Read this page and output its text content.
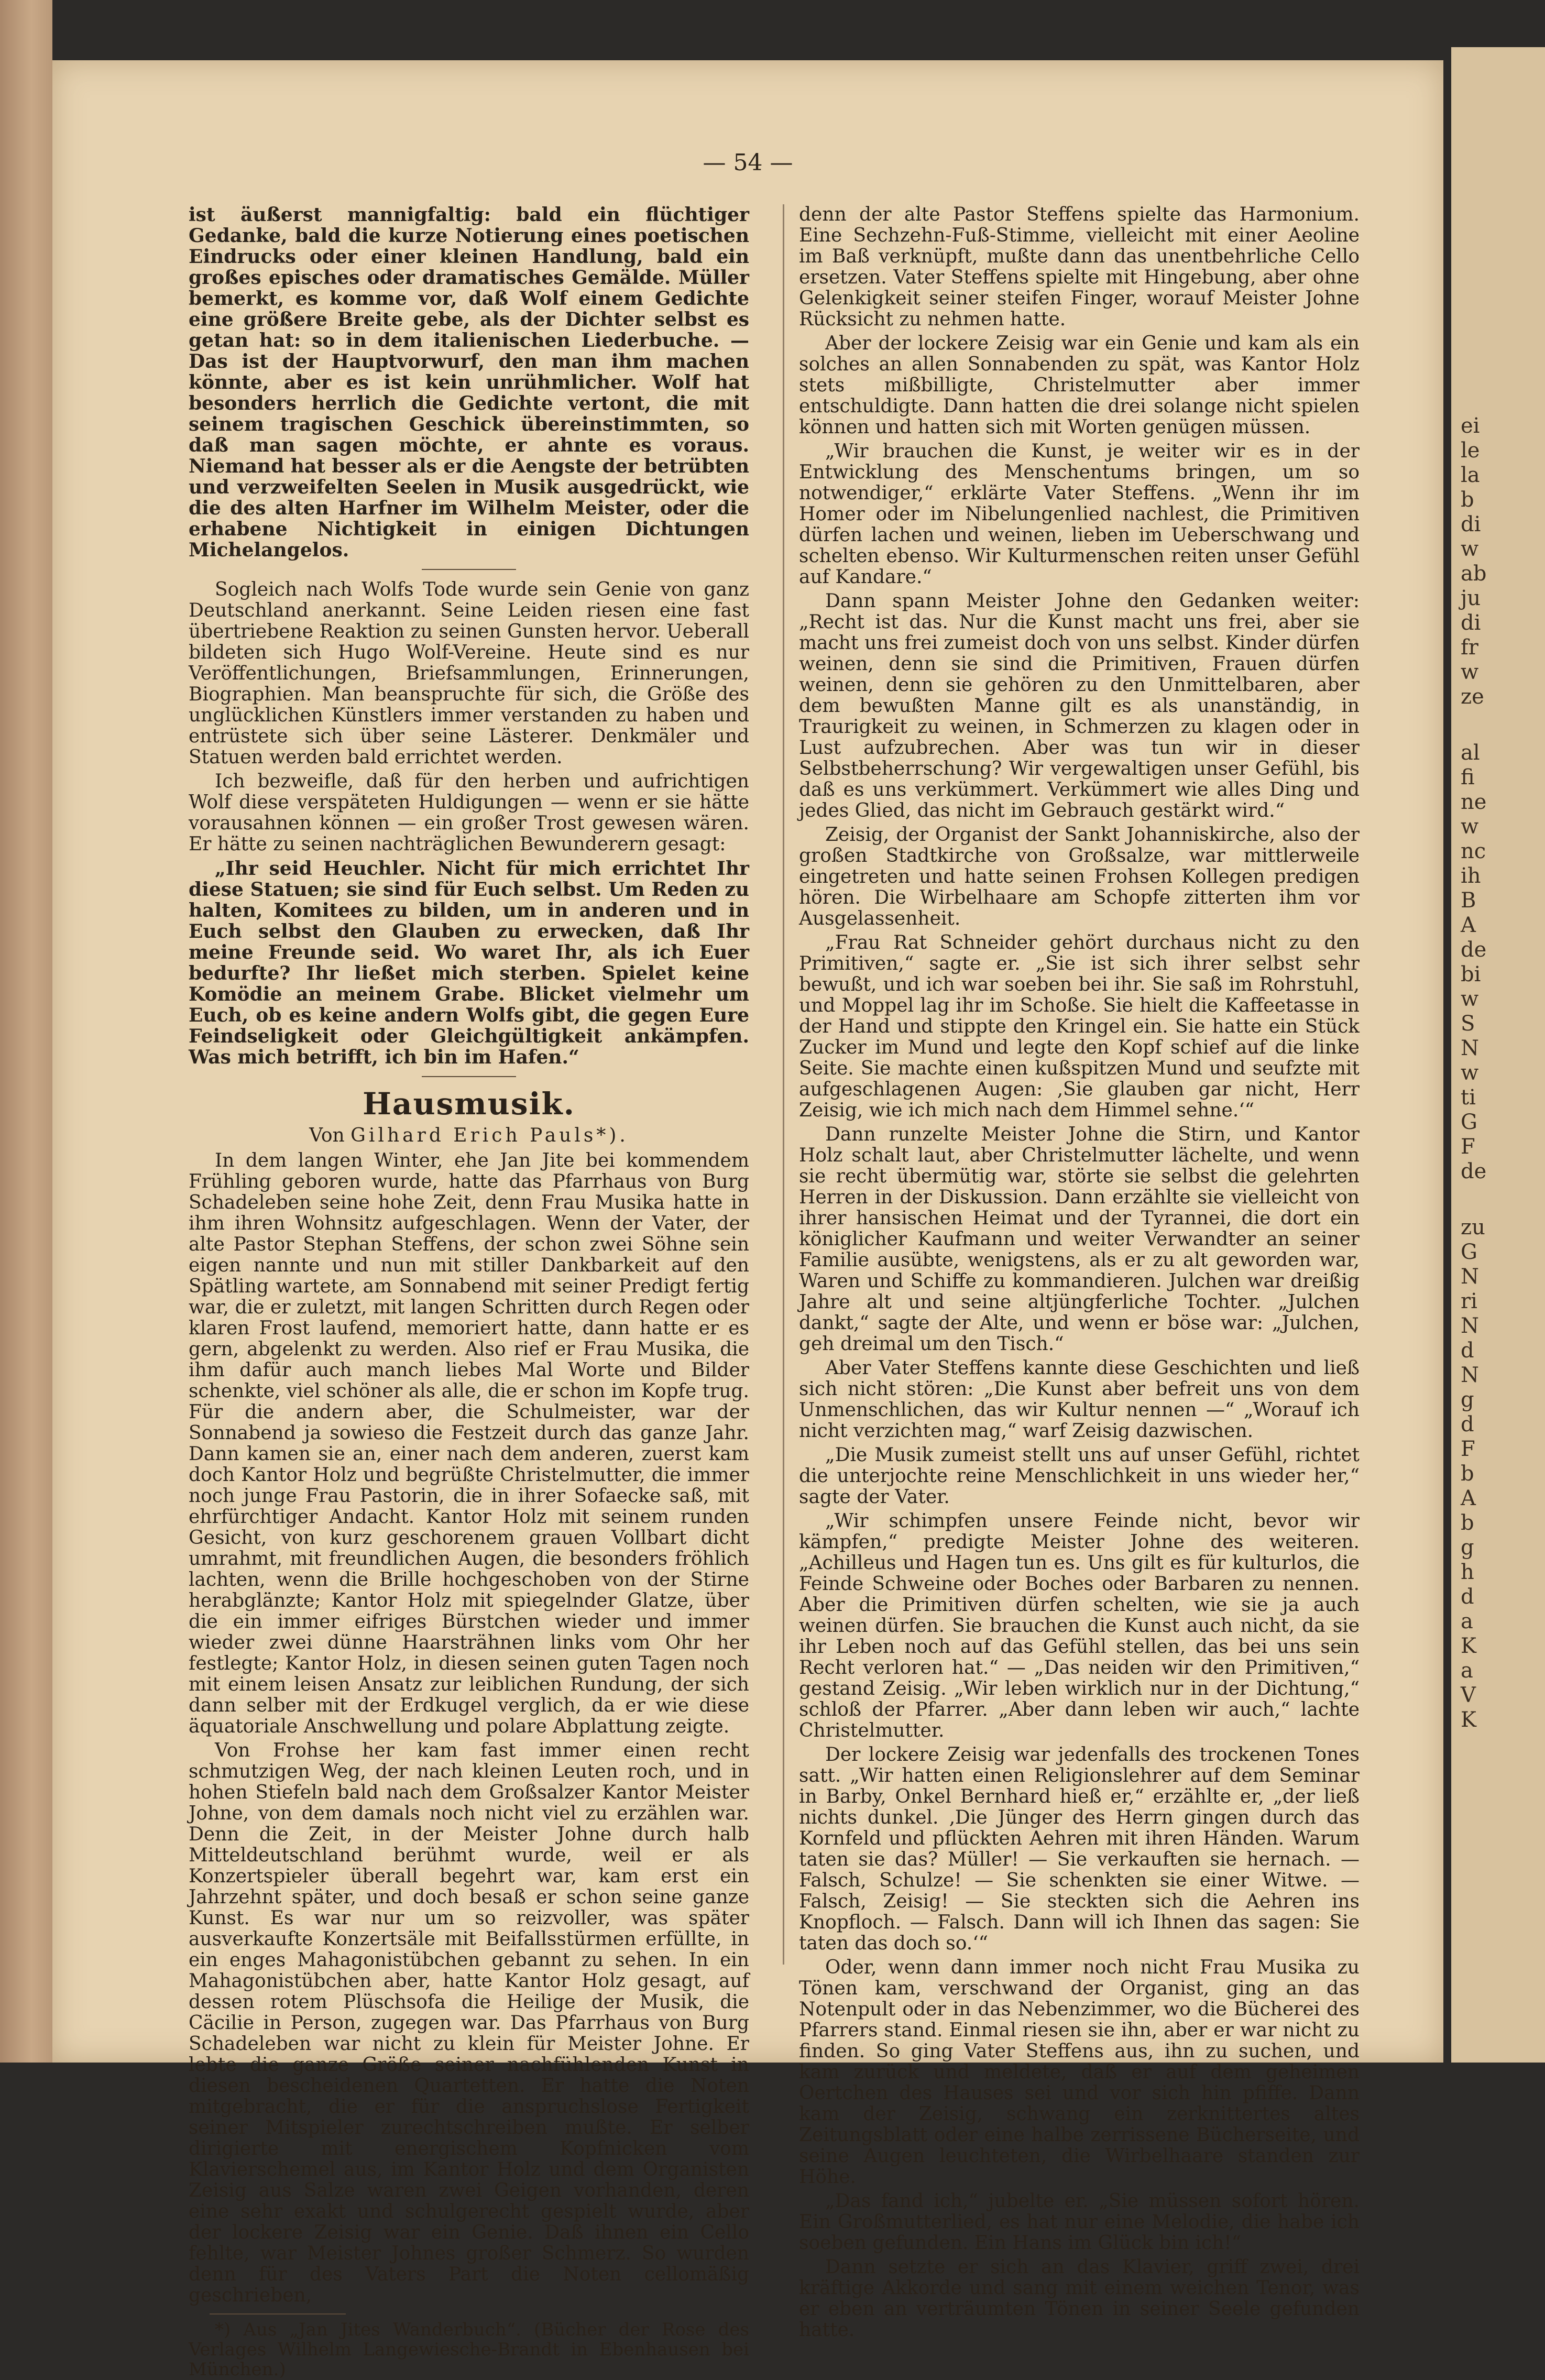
— 54 —

ist äußerst mannigfaltig: bald ein flüchtiger Gedanke, bald die kurze Notierung eines poetischen Eindrucks oder einer kleinen Handlung, bald ein großes episches oder dramatisches Gemälde. Müller bemerkt, es komme vor, daß Wolf einem Gedichte eine größere Breite gebe, als der Dichter selbst es getan hat: so in dem italienischen Liederbuche. — Das ist der Hauptvorwurf, den man ihm machen könnte, aber es ist kein unrühmlicher. Wolf hat besonders herrlich die Gedichte vertont, die mit seinem tragischen Geschick übereinstimmten, so daß man sagen möchte, er ahnte es voraus. Niemand hat besser als er die Aengste der betrübten und verzweifelten Seelen in Musik ausgedrückt, wie die des alten Harfner im Wilhelm Meister, oder die erhabene Nichtigkeit in einigen Dichtungen Michelangelos.

Sogleich nach Wolfs Tode wurde sein Genie von ganz Deutschland anerkannt. Seine Leiden riesen eine fast übertriebene Reaktion zu seinen Gunsten hervor. Ueberall bildeten sich Hugo Wolf-Vereine. Heute sind es nur Veröffentlichungen, Briefsammlungen, Erinnerungen, Biographien. Man beanspruchte für sich, die Größe des unglücklichen Künstlers immer verstanden zu haben und entrüstete sich über seine Lästerer. Denkmäler und Statuen werden bald errichtet werden.

Ich bezweifle, daß für den herben und aufrichtigen Wolf diese verspäteten Huldigungen — wenn er sie hätte vorausahnen können — ein großer Trost gewesen wären. Er hätte zu seinen nachträglichen Bewunderern gesagt:

„Ihr seid Heuchler. Nicht für mich errichtet Ihr diese Statuen; sie sind für Euch selbst. Um Reden zu halten, Komitees zu bilden, um in anderen und in Euch selbst den Glauben zu erwecken, daß Ihr meine Freunde seid. Wo waret Ihr, als ich Euer bedurfte? Ihr ließet mich sterben. Spielet keine Komödie an meinem Grabe. Blicket vielmehr um Euch, ob es keine andern Wolfs gibt, die gegen Eure Feindseligkeit oder Gleichgültigkeit ankämpfen. Was mich betrifft, ich bin im Hafen.“

Hausmusik.
Von Gilhard Erich Pauls*).

In dem langen Winter, ehe Jan Jite bei kommendem Frühling geboren wurde, hatte das Pfarrhaus von Burg Schadeleben seine hohe Zeit, denn Frau Musika hatte in ihm ihren Wohnsitz aufgeschlagen. Wenn der Vater, der alte Pastor Stephan Steffens, der schon zwei Söhne sein eigen nannte und nun mit stiller Dankbarkeit auf den Spätling wartete, am Sonnabend mit seiner Predigt fertig war, die er zuletzt, mit langen Schritten durch Regen oder klaren Frost laufend, memoriert hatte, dann hatte er es gern, abgelenkt zu werden. Also rief er Frau Musika, die ihm dafür auch manch liebes Mal Worte und Bilder schenkte, viel schöner als alle, die er schon im Kopfe trug. Für die andern aber, die Schulmeister, war der Sonnabend ja sowieso die Festzeit durch das ganze Jahr. Dann kamen sie an, einer nach dem anderen, zuerst kam doch Kantor Holz und begrüßte Christelmutter, die immer noch junge Frau Pastorin, die in ihrer Sofaecke saß, mit ehrfürchtiger Andacht. Kantor Holz mit seinem runden Gesicht, von kurz geschorenem grauen Vollbart dicht umrahmt, mit freundlichen Augen, die besonders fröhlich lachten, wenn die Brille hochgeschoben von der Stirne herabglänzte; Kantor Holz mit spiegelnder Glatze, über die ein immer eifriges Bürstchen wieder und immer wieder zwei dünne Haarsträhnen links vom Ohr her festlegte; Kantor Holz, in diesen seinen guten Tagen noch mit einem leisen Ansatz zur leiblichen Rundung, der sich dann selber mit der Erdkugel verglich, da er wie diese äquatoriale Anschwellung und polare Abplattung zeigte.

Von Frohse her kam fast immer einen recht schmutzigen Weg, der nach kleinen Leuten roch, und in hohen Stiefeln bald nach dem Großsalzer Kantor Meister Johne, von dem damals noch nicht viel zu erzählen war. Denn die Zeit, in der Meister Johne durch halb Mitteldeutschland berühmt wurde, weil er als Konzertspieler überall begehrt war, kam erst ein Jahrzehnt später, und doch besaß er schon seine ganze Kunst. Es war nur um so reizvoller, was später ausverkaufte Konzertsäle mit Beifallsstürmen erfüllte, in ein enges Mahagonistübchen gebannt zu sehen. In ein Mahagonistübchen aber, hatte Kantor Holz gesagt, auf dessen rotem Plüschsofa die Heilige der Musik, die Cäcilie in Person, zugegen war. Das Pfarrhaus von Burg Schadeleben war nicht zu klein für Meister Johne. Er lebte die ganze Größe seiner nachfühlenden Kunst in diesen bescheidenen Quartetten. Er hatte die Noten mitgebracht, die er für die anspruchslose Fertigkeit seiner Mitspieler zurechtschreiben mußte. Er selber dirigierte mit energischem Kopfnicken vom Klavierschemel aus, im Kantor Holz und dem Organisten Zeisig aus Salze waren zwei Geigen vorhanden, deren eine sehr exakt und schulgerecht gespielt wurde, aber der lockere Zeisig war ein Genie. Daß ihnen ein Cello fehlte, war Meister Johnes großer Schmerz. So wurden denn für des Vaters Part die Noten cellomäßig geschrieben,

*) Aus „Jan Jites Wanderbuch“. (Bücher der Rose des Verlages Wilhelm Langewiesche-Brandt in Ebenhausen bei München.)

denn der alte Pastor Steffens spielte das Harmonium. Eine Sechzehn-Fuß-Stimme, vielleicht mit einer Aeoline im Baß verknüpft, mußte dann das unentbehrliche Cello ersetzen. Vater Steffens spielte mit Hingebung, aber ohne Gelenkigkeit seiner steifen Finger, worauf Meister Johne Rücksicht zu nehmen hatte.

Aber der lockere Zeisig war ein Genie und kam als ein solches an allen Sonnabenden zu spät, was Kantor Holz stets mißbilligte, Christelmutter aber immer entschuldigte. Dann hatten die drei solange nicht spielen können und hatten sich mit Worten genügen müssen.

„Wir brauchen die Kunst, je weiter wir es in der Entwicklung des Menschentums bringen, um so notwendiger,“ erklärte Vater Steffens. „Wenn ihr im Homer oder im Nibelungenlied nachlest, die Primitiven dürfen lachen und weinen, lieben im Ueberschwang und schelten ebenso. Wir Kulturmenschen reiten unser Gefühl auf Kandare.“

Dann spann Meister Johne den Gedanken weiter: „Recht ist das. Nur die Kunst macht uns frei, aber sie macht uns frei zumeist doch von uns selbst. Kinder dürfen weinen, denn sie sind die Primitiven, Frauen dürfen weinen, denn sie gehören zu den Unmittelbaren, aber dem bewußten Manne gilt es als unanständig, in Traurigkeit zu weinen, in Schmerzen zu klagen oder in Lust aufzubrechen. Aber was tun wir in dieser Selbstbeherrschung? Wir vergewaltigen unser Gefühl, bis daß es uns verkümmert. Verkümmert wie alles Ding und jedes Glied, das nicht im Gebrauch gestärkt wird.“

Zeisig, der Organist der Sankt Johanniskirche, also der großen Stadtkirche von Großsalze, war mittlerweile eingetreten und hatte seinen Frohsen Kollegen predigen hören. Die Wirbelhaare am Schopfe zitterten ihm vor Ausgelassenheit.

„Frau Rat Schneider gehört durchaus nicht zu den Primitiven,“ sagte er. „Sie ist sich ihrer selbst sehr bewußt, und ich war soeben bei ihr. Sie saß im Rohrstuhl, und Moppel lag ihr im Schoße. Sie hielt die Kaffeetasse in der Hand und stippte den Kringel ein. Sie hatte ein Stück Zucker im Mund und legte den Kopf schief auf die linke Seite. Sie machte einen kußspitzen Mund und seufzte mit aufgeschlagenen Augen: ‚Sie glauben gar nicht, Herr Zeisig, wie ich mich nach dem Himmel sehne.‘“

Dann runzelte Meister Johne die Stirn, und Kantor Holz schalt laut, aber Christelmutter lächelte, und wenn sie recht übermütig war, störte sie selbst die gelehrten Herren in der Diskussion. Dann erzählte sie vielleicht von ihrer hansischen Heimat und der Tyrannei, die dort ein königlicher Kaufmann und weiter Verwandter an seiner Familie ausübte, wenigstens, als er zu alt geworden war, Waren und Schiffe zu kommandieren. Julchen war dreißig Jahre alt und seine altjüngferliche Tochter. „Julchen dankt,“ sagte der Alte, und wenn er böse war: „Julchen, geh dreimal um den Tisch.“

Aber Vater Steffens kannte diese Geschichten und ließ sich nicht stören: „Die Kunst aber befreit uns von dem Unmenschlichen, das wir Kultur nennen —“ „Worauf ich nicht verzichten mag,“ warf Zeisig dazwischen.

„Die Musik zumeist stellt uns auf unser Gefühl, richtet die unterjochte reine Menschlichkeit in uns wieder her,“ sagte der Vater.

„Wir schimpfen unsere Feinde nicht, bevor wir kämpfen,“ predigte Meister Johne des weiteren. „Achilleus und Hagen tun es. Uns gilt es für kulturlos, die Feinde Schweine oder Boches oder Barbaren zu nennen. Aber die Primitiven dürfen schelten, wie sie ja auch weinen dürfen. Sie brauchen die Kunst auch nicht, da sie ihr Leben noch auf das Gefühl stellen, das bei uns sein Recht verloren hat.“ — „Das neiden wir den Primitiven,“ gestand Zeisig. „Wir leben wirklich nur in der Dichtung,“ schloß der Pfarrer. „Aber dann leben wir auch,“ lachte Christelmutter.

Der lockere Zeisig war jedenfalls des trockenen Tones satt. „Wir hatten einen Religionslehrer auf dem Seminar in Barby, Onkel Bernhard hieß er,“ erzählte er, „der ließ nichts dunkel. ‚Die Jünger des Herrn gingen durch das Kornfeld und pflückten Aehren mit ihren Händen. Warum taten sie das? Müller! — Sie verkauften sie hernach. — Falsch, Schulze! — Sie schenkten sie einer Witwe. — Falsch, Zeisig! — Sie steckten sich die Aehren ins Knopfloch. — Falsch. Dann will ich Ihnen das sagen: Sie taten das doch so.‘“

Oder, wenn dann immer noch nicht Frau Musika zu Tönen kam, verschwand der Organist, ging an das Notenpult oder in das Nebenzimmer, wo die Büchereі des Pfarrers stand. Einmal riesen sie ihn, aber er war nicht zu finden. So ging Vater Steffens aus, ihn zu suchen, und kam zurück und meldete, daß er auf dem geheimen Oertchen des Hauses sei und vor sich hin pfiffe. Dann kam der Zeisig, schwang ein zerknittertes altes Zeitungsblatt oder eine halbe zerrissene Bücherseite, und seine Augen leuchteten, die Wirbelhaare standen zur Höhe.

„Das fand ich,“ jubelte er. „Sie müssen sofort hören. Ein Großmutterlied, es hat nur eine Melodie, die habe ich soeben gefunden. Ein Hans im Glück bin ich!“

Dann setzte er sich an das Klavier, griff zwei, drei kräftige Akkorde und sang mit einem weichen Tenor, was er eben an verträumten Tönen in seiner Seele gefunden hatte.

ei
le
la
b
di
w
ab
ju
di
fr
w
ze
al
fi
ne
w
nc
ih
B
A
de
bi
w
S
N
w
ti
G
F
de
zu
G
N
ri
N
d
N
g
d
F
b
A
b
g
h
d
a
K
a
V
K
